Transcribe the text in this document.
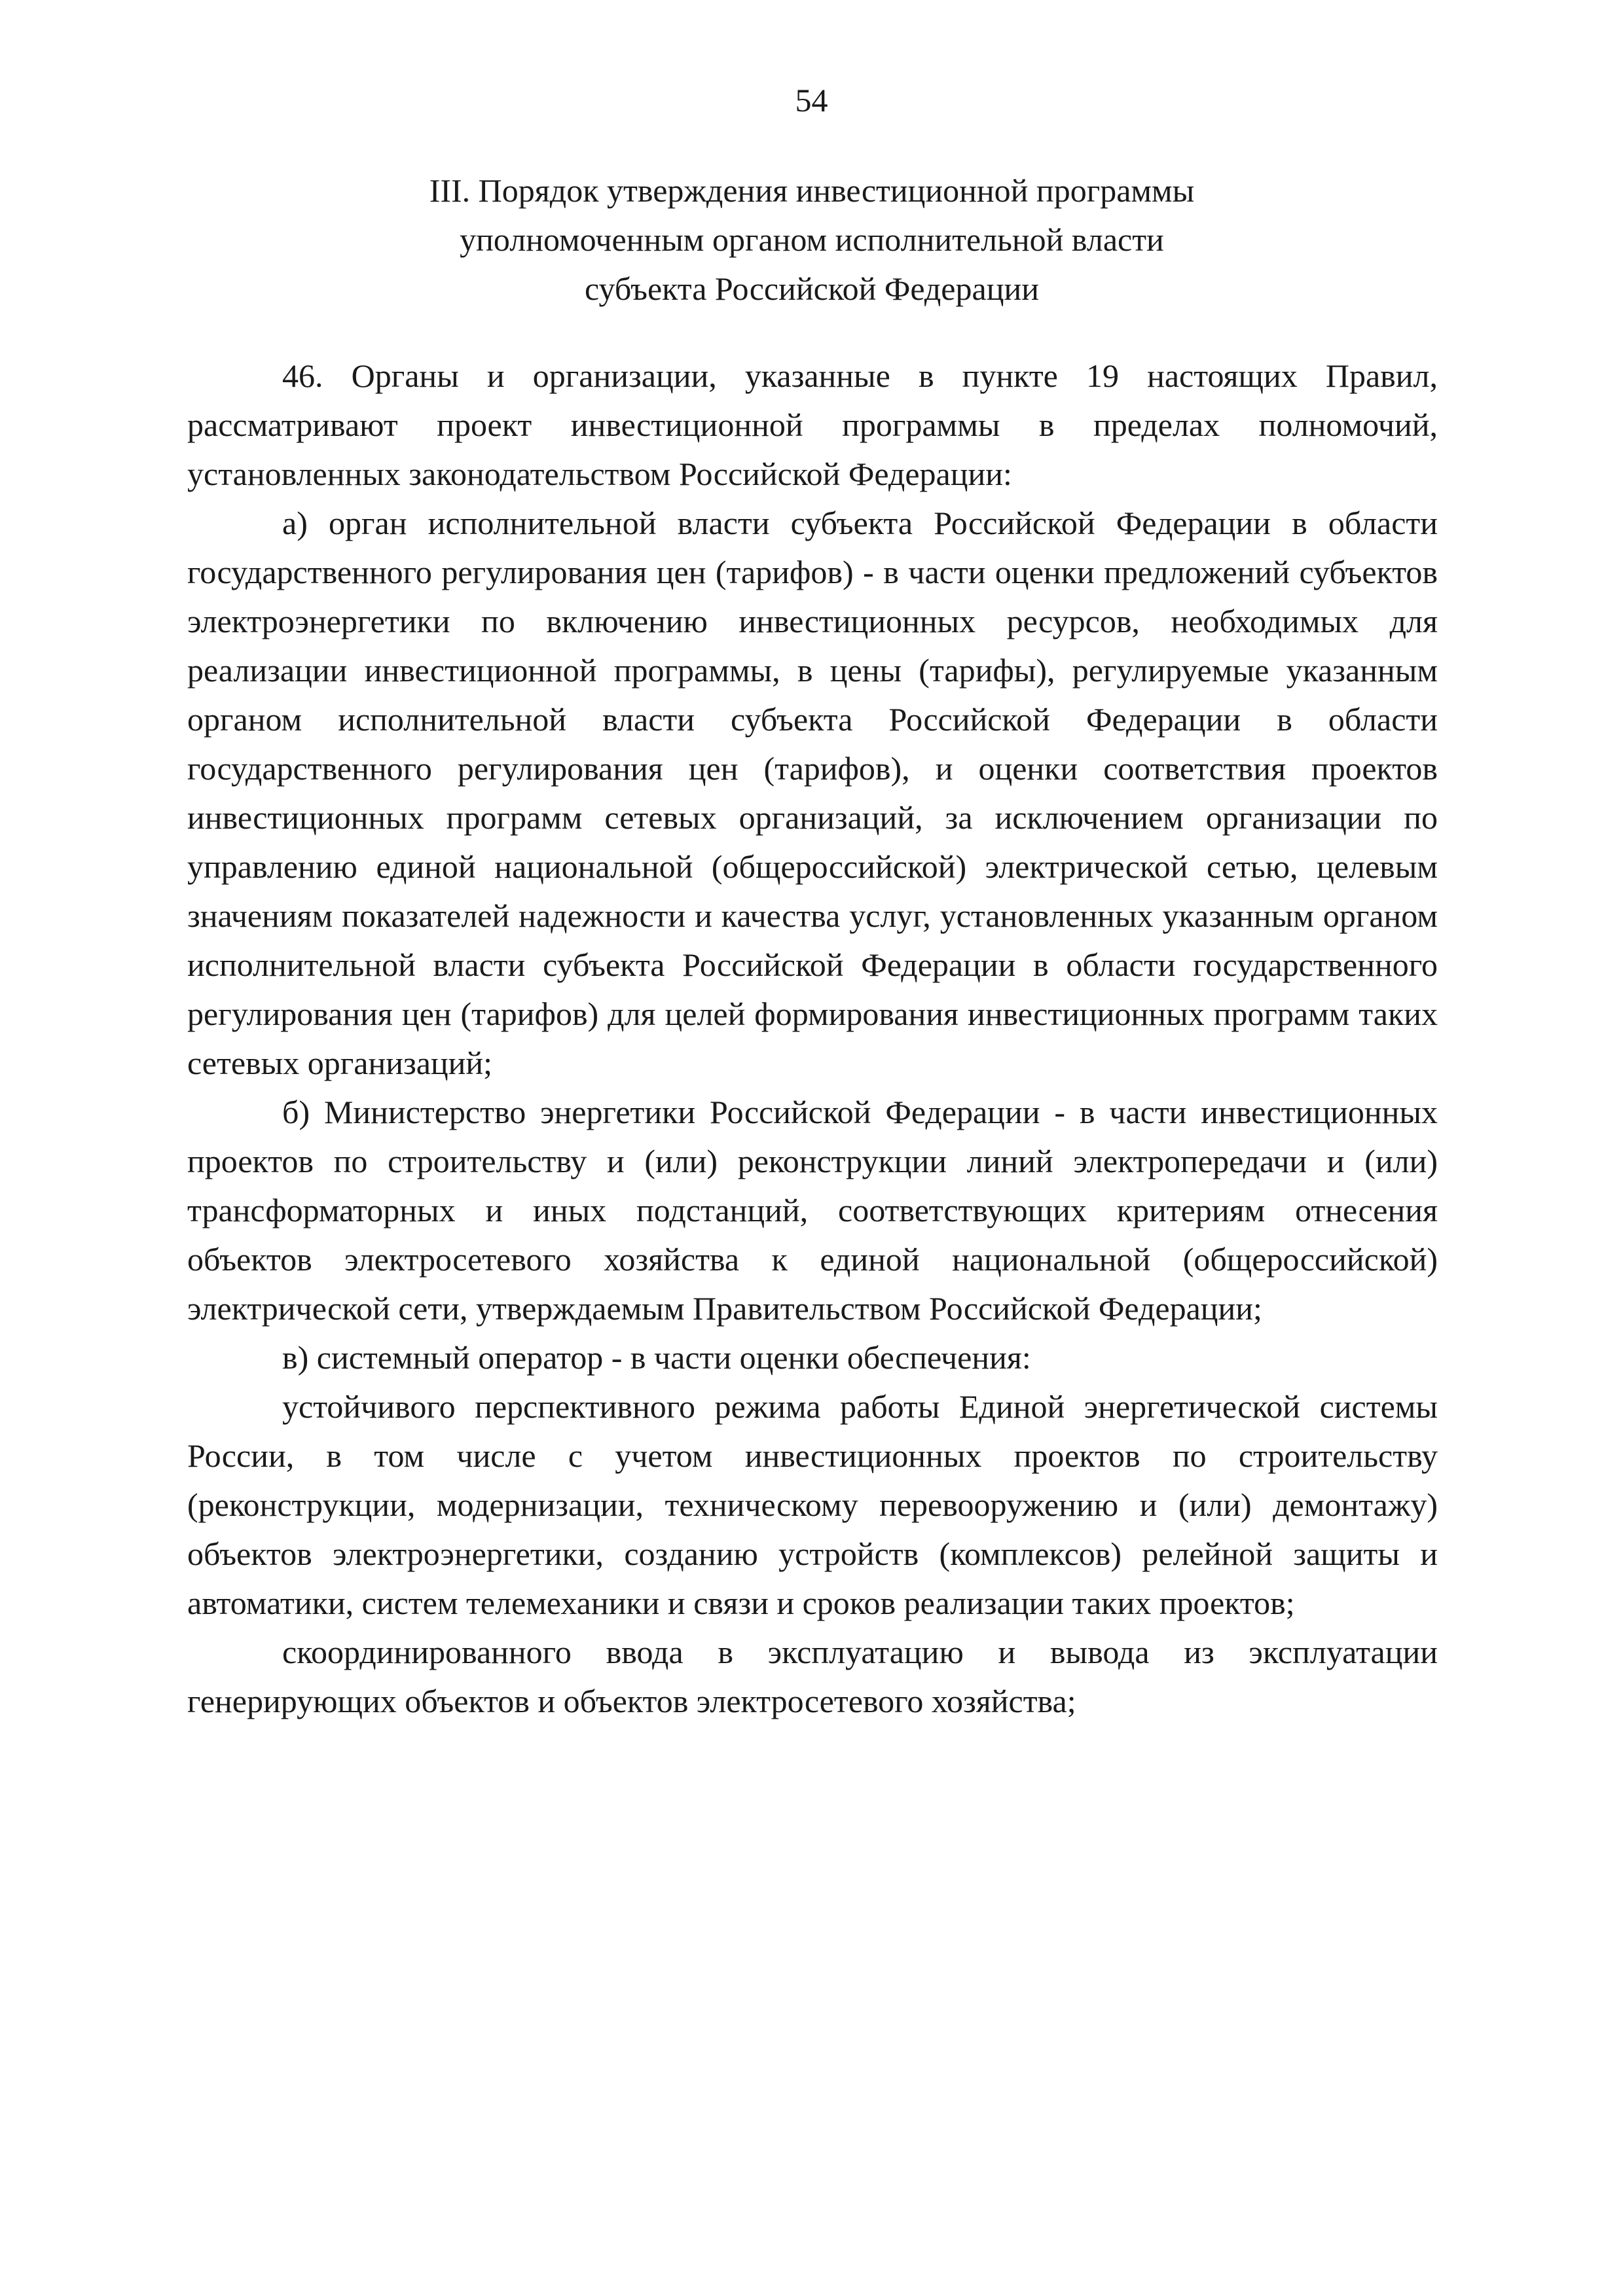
54
III. Порядок утверждения инвестиционной программы
уполномоченным органом исполнительной власти
субъекта Российской Федерации

46. Органы и организации, указанные в пункте 19 настоящих Правил, рассматривают проект инвестиционной программы в пределах полномочий, установленных законодательством Российской Федерации:

а) орган исполнительной власти субъекта Российской Федерации в области государственного регулирования цен (тарифов) - в части оценки предложений субъектов электроэнергетики по включению инвестиционных ресурсов, необходимых для реализации инвестиционной программы, в цены (тарифы), регулируемые указанным органом исполнительной власти субъекта Российской Федерации в области государственного регулирования цен (тарифов), и оценки соответствия проектов инвестиционных программ сетевых организаций, за исключением организации по управлению единой национальной (общероссийской) электрической сетью, целевым значениям показателей надежности и качества услуг, установленных указанным органом исполнительной власти субъекта Российской Федерации в области государственного регулирования цен (тарифов) для целей формирования инвестиционных программ таких сетевых организаций;

б) Министерство энергетики Российской Федерации - в части инвестиционных проектов по строительству и (или) реконструкции линий электропередачи и (или) трансформаторных и иных подстанций, соответствующих критериям отнесения объектов электросетевого хозяйства к единой национальной (общероссийской) электрической сети, утверждаемым Правительством Российской Федерации;

в) системный оператор - в части оценки обеспечения:

устойчивого перспективного режима работы Единой энергетической системы России, в том числе с учетом инвестиционных проектов по строительству (реконструкции, модернизации, техническому перевооружению и (или) демонтажу) объектов электроэнергетики, созданию устройств (комплексов) релейной защиты и автоматики, систем телемеханики и связи и сроков реализации таких проектов;

скоординированного ввода в эксплуатацию и вывода из эксплуатации генерирующих объектов и объектов электросетевого хозяйства;
